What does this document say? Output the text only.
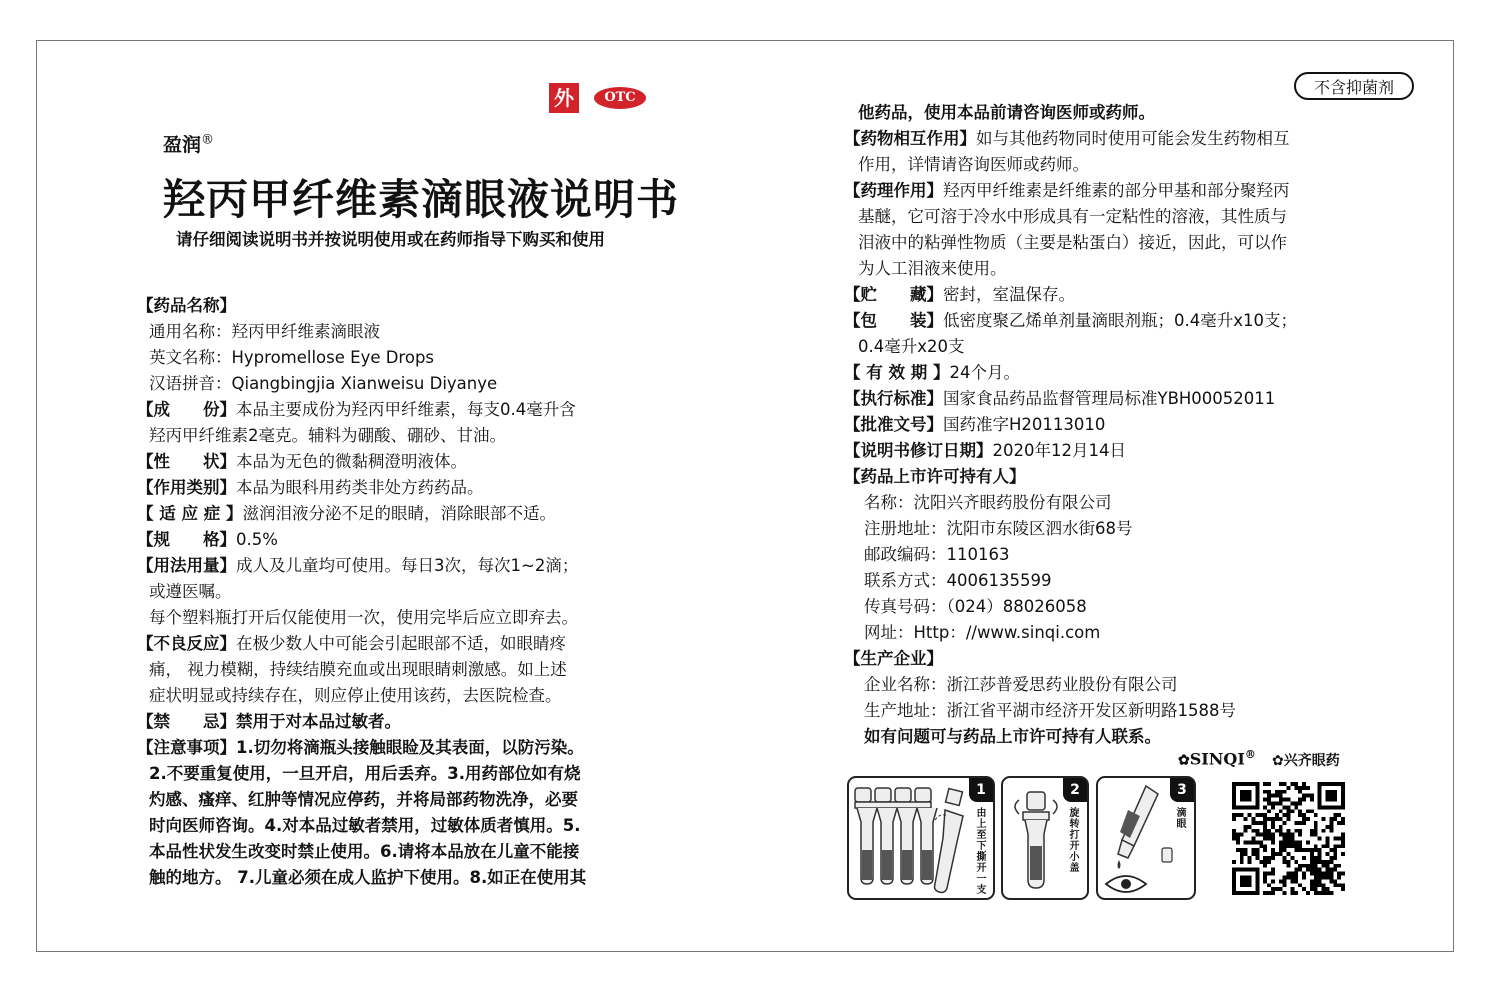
外	OTC
盈润®
羟丙甲纤维素滴眼液说明书
请仔细阅读说明书并按说明使用或在药师指导下购买和使用
不含抑菌剂
【药品名称】
通用名称：羟丙甲纤维素滴眼液
英文名称：Hypromellose Eye Drops
汉语拼音：Qiangbingjia Xianweisu Diyanye
【成　　份】本品主要成份为羟丙甲纤维素，每支0.4毫升含
羟丙甲纤维素2毫克。辅料为硼酸、硼砂、甘油。
【性　　状】本品为无色的微黏稠澄明液体。
【作用类别】本品为眼科用药类非处方药药品。
【 适 应 症 】滋润泪液分泌不足的眼睛，消除眼部不适。
【规　　格】0.5%
【用法用量】成人及儿童均可使用。每日3次，每次1~2滴；
或遵医嘱。
每个塑料瓶打开后仅能使用一次，使用完毕后应立即弃去。
【不良反应】在极少数人中可能会引起眼部不适，如眼睛疼
痛， 视力模糊，持续结膜充血或出现眼睛刺激感。如上述
症状明显或持续存在，则应停止使用该药，去医院检查。
【禁　　忌】禁用于对本品过敏者。
【注意事项】1.切勿将滴瓶头接触眼睑及其表面，以防污染。
2.不要重复使用，一旦开启，用后丢弃。3.用药部位如有烧
灼感、瘙痒、红肿等情况应停药，并将局部药物洗净，必要
时向医师咨询。4.对本品过敏者禁用，过敏体质者慎用。5.
本品性状发生改变时禁止使用。6.请将本品放在儿童不能接
触的地方。 7.儿童必须在成人监护下使用。8.如正在使用其
他药品，使用本品前请咨询医师或药师。
【药物相互作用】如与其他药物同时使用可能会发生药物相互
作用，详情请咨询医师或药师。
【药理作用】羟丙甲纤维素是纤维素的部分甲基和部分聚羟丙
基醚，它可溶于冷水中形成具有一定粘性的溶液，其性质与
泪液中的粘弹性物质（主要是粘蛋白）接近，因此，可以作
为人工泪液来使用。
【贮　　藏】密封，室温保存。
【包　　装】低密度聚乙烯单剂量滴眼剂瓶；0.4毫升x10支；
0.4毫升x20支
【 有 效 期 】24个月。
【执行标准】国家食品药品监督管理局标准YBH00052011
【批准文号】国药准字H20113010
【说明书修订日期】2020年12月14日
【药品上市许可持有人】
名称：沈阳兴齐眼药股份有限公司
注册地址：沈阳市东陵区泗水街68号
邮政编码：110163
联系方式：4006135599
传真号码：（024）88026058
网址：Http：//www.sinqi.com
【生产企业】
企业名称：浙江莎普爱思药业股份有限公司
生产地址：浙江省平湖市经济开发区新明路1588号
如有问题可与药品上市许可持有人联系。
✿SINQI® ✿兴齐眼药
1
由上至下撕开一支
2
旋转打开小盖
3
滴眼
